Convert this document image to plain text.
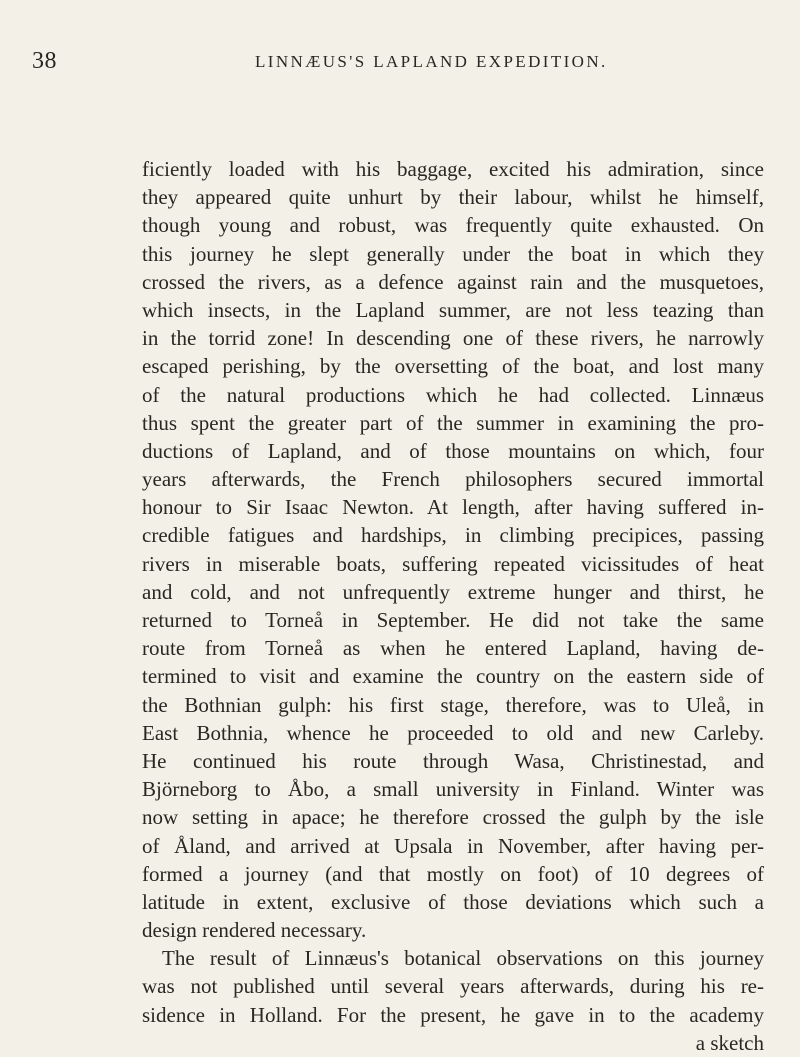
38	LINNÆUS'S LAPLAND EXPEDITION.
ficiently loaded with his baggage, excited his admiration, since
they appeared quite unhurt by their labour, whilst he himself,
though young and robust, was frequently quite exhausted. On
this journey he slept generally under the boat in which they
crossed the rivers, as a defence against rain and the musquetoes,
which insects, in the Lapland summer, are not less teazing than
in the torrid zone! In descending one of these rivers, he narrowly
escaped perishing, by the oversetting of the boat, and lost many
of the natural productions which he had collected. Linnæus
thus spent the greater part of the summer in examining the pro-
ductions of Lapland, and of those mountains on which, four
years afterwards, the French philosophers secured immortal
honour to Sir Isaac Newton. At length, after having suffered in-
credible fatigues and hardships, in climbing precipices, passing
rivers in miserable boats, suffering repeated vicissitudes of heat
and cold, and not unfrequently extreme hunger and thirst, he
returned to Torneå in September. He did not take the same
route from Torneå as when he entered Lapland, having de-
termined to visit and examine the country on the eastern side of
the Bothnian gulph: his first stage, therefore, was to Uleå, in
East Bothnia, whence he proceeded to old and new Carleby.
He continued his route through Wasa, Christinestad, and
Björneborg to Åbo, a small university in Finland. Winter was
now setting in apace; he therefore crossed the gulph by the isle
of Åland, and arrived at Upsala in November, after having per-
formed a journey (and that mostly on foot) of 10 degrees of
latitude in extent, exclusive of those deviations which such a
design rendered necessary.
The result of Linnæus's botanical observations on this journey
was not published until several years afterwards, during his re-
sidence in Holland. For the present, he gave in to the academy
a sketch
